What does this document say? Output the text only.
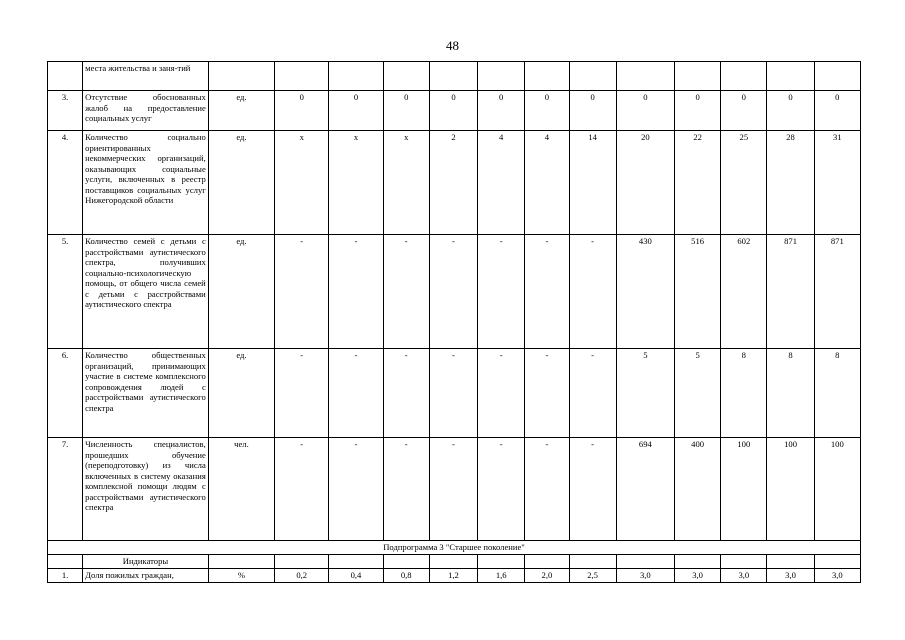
48
	места жительства и заня-тий													
3.	Отсутствие обоснованных жалоб на предоставление социальных услуг	ед.	0	0	0	0	0	0	0	0	0	0	0	0
4.	Количество социально ориентированных некоммерческих организаций, оказывающих социальные услуги, включенных в реестр поставщиков социальных услуг Нижегородской области	ед.	х	х	х	2	4	4	14	20	22	25	28	31
5.	Количество семей с детьми с расстройствами аутистического спектра, получивших социально-психологическую помощь, от общего числа семей с детьми с расстройствами аутистического спектра	ед.	-	-	-	-	-	-	-	430	516	602	871	871
6.	Количество общественных организаций, принимающих участие в системе комплексного сопровождения людей с расстройствами аутистического спектра	ед.	-	-	-	-	-	-	-	5	5	8	8	8
7.	Численность специалистов, прошедших обучение (переподготовку) из числа включенных в систему оказания комплексной помощи людям с расстройствами аутистического спектра	чел.	-	-	-	-	-	-	-	694	400	100	100	100
Подпрограмма 3 "Старшее поколение"														
	Индикаторы													
1.	Доля пожилых граждан,	%	0,2	0,4	0,8	1,2	1,6	2,0	2,5	3,0	3,0	3,0	3,0	3,0
